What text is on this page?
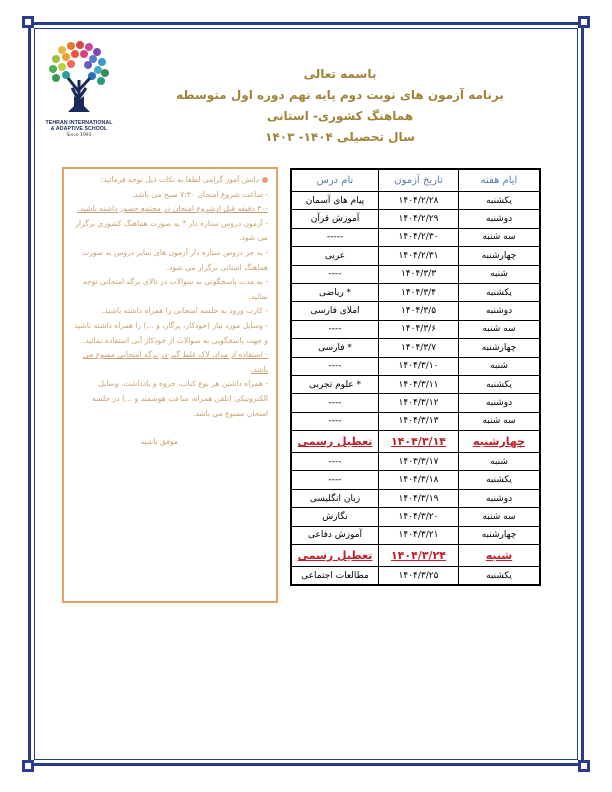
TEHRAN INTERNATIONAL
& ADAPTIVE SCHOOL
Since 1993
باسمه تعالی
برنامه آزمون های نوبت دوم پایه نهم دوره اول متوسطه
هماهنگ کشوری- استانی
سال تحصیلی ۱۴۰۴- ۱۴۰۳

دانش آموز گرامی لطفا به نکات ذیل توجه فرمائید:

- ساعت شروع امتحان ۷:۳۰ صبح می باشد.

-۳۰ دقیقه قبل ازشروع امتحان در مجتمع حضور داشته باشید.

- آزمون دروس ستاره دار * به صورت هماهنگ کشوری برگزار می شود.

- به جز دروس ستاره دار آزمون های سایر دروس به صورت هماهنگ استانی برگزار می شود.

- به مدت پاسخگوئی به سوالات در بالای برگه امتحانی توجه نمائید.

- کارت ورود به جلسه امتحانی را همراه داشته باشید.

- وسایل مورد نیاز (خودکار، پرگار، و ...) را همراه داشته باشید و جهت پاسخگویی به سوالات از خودکار آبی استفاده نمائید.

- استفاده از مداد، لاک غلط گیر در برگه امتحانی ممنوع می باشد.

- همراه داشتن هر نوع کتاب، جزوه و یادداشت، وسایل الکترونیکی (تلفن همراه، ساعت هوشمند و ...) در جلسه امتحان ممنوع می باشد.

موفق باشید

ایام هفته	تاریخ آزمون	نام درس
یکشنبه	۱۴۰۴/۲/۲۸	پیام های آسمان
دوشنبه	۱۴۰۴/۲/۲۹	آموزش قرآن
سه شنبه	۱۴۰۴/۲/۳۰	-----
چهارشنبه	۱۴۰۴/۲/۳۱	عربی
شنبه	۱۴۰۴/۳/۳	----
یکشنبه	۱۴۰۴/۳/۴	* ریاضی
دوشنبه	۱۴۰۴/۳/۵	املای فارسی
سه شنبه	۱۴۰۴/۳/۶	----
چهارشنبه	۱۴۰۴/۳/۷	* فارسی
شنبه	۱۴۰۴/۳/۱۰	----
یکشنبه	۱۴۰۴/۳/۱۱	* علوم تجربی
دوشنبه	۱۴۰۴/۳/۱۲	----
سه شنبه	۱۴۰۴/۳/۱۳	----
چهارشنبه	۱۴۰۴/۳/۱۴	تعطیل رسمی
شنبه	۱۴۰۳/۳/۱۷	----
یکشنبه	۱۴۰۴/۳/۱۸	----
دوشنبه	۱۴۰۴/۳/۱۹	زبان انگلیسی
سه شنبه	۱۴۰۴/۳/۲۰	نگارش
چهارشنبه	۱۴۰۴/۳/۲۱	آموزش دفاعی
شنبه	۱۴۰۴/۳/۲۴	تعطیل رسمی
یکشنبه	۱۴۰۴/۳/۲۵	مطالعات اجتماعی
